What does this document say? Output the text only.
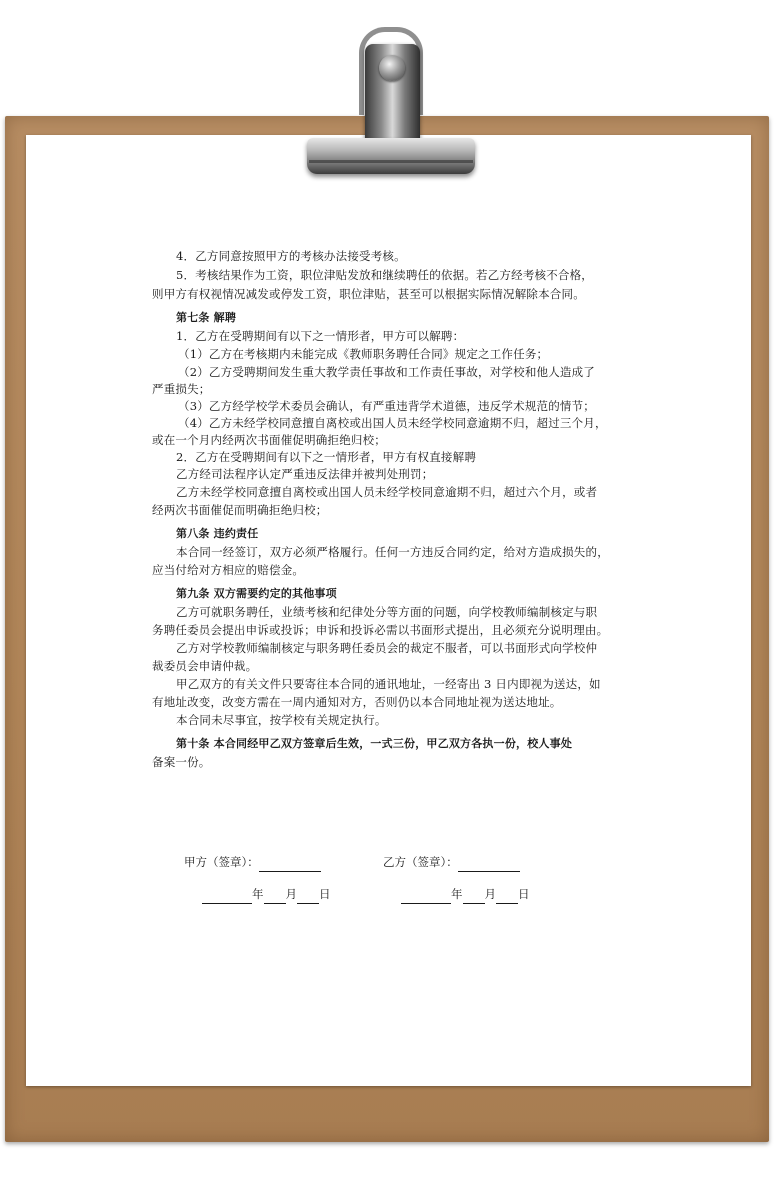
4．乙方同意按照甲方的考核办法接受考核。
5．考核结果作为工资，职位津贴发放和继续聘任的依据。若乙方经考核不合格，
则甲方有权视情况减发或停发工资，职位津贴，甚至可以根据实际情况解除本合同。
第七条 解聘
1．乙方在受聘期间有以下之一情形者，甲方可以解聘：
（1）乙方在考核期内未能完成《教师职务聘任合同》规定之工作任务；
（2）乙方受聘期间发生重大教学责任事故和工作责任事故，对学校和他人造成了
严重损失；
（3）乙方经学校学术委员会确认，有严重违背学术道德，违反学术规范的情节；
（4）乙方未经学校同意擅自离校或出国人员未经学校同意逾期不归，超过三个月，
或在一个月内经两次书面催促明确拒绝归校；
2．乙方在受聘期间有以下之一情形者，甲方有权直接解聘
乙方经司法程序认定严重违反法律并被判处刑罚；
乙方未经学校同意擅自离校或出国人员未经学校同意逾期不归，超过六个月，或者
经两次书面催促而明确拒绝归校；
第八条 违约责任
本合同一经签订，双方必须严格履行。任何一方违反合同约定，给对方造成损失的，
应当付给对方相应的赔偿金。
第九条 双方需要约定的其他事项
乙方可就职务聘任，业绩考核和纪律处分等方面的问题，向学校教师编制核定与职
务聘任委员会提出申诉或投诉；申诉和投诉必需以书面形式提出，且必须充分说明理由。
乙方对学校教师编制核定与职务聘任委员会的裁定不服者，可以书面形式向学校仲
裁委员会申请仲裁。
甲乙双方的有关文件只要寄往本合同的通讯地址，一经寄出 3 日内即视为送达，如
有地址改变，改变方需在一周内通知对方，否则仍以本合同地址视为送达地址。
本合同未尽事宜，按学校有关规定执行。
第十条 本合同经甲乙双方签章后生效，一式三份，甲乙双方各执一份，校人事处
备案一份。
甲方（签章）：	乙方（签章）：
年 月 日	年 月 日
